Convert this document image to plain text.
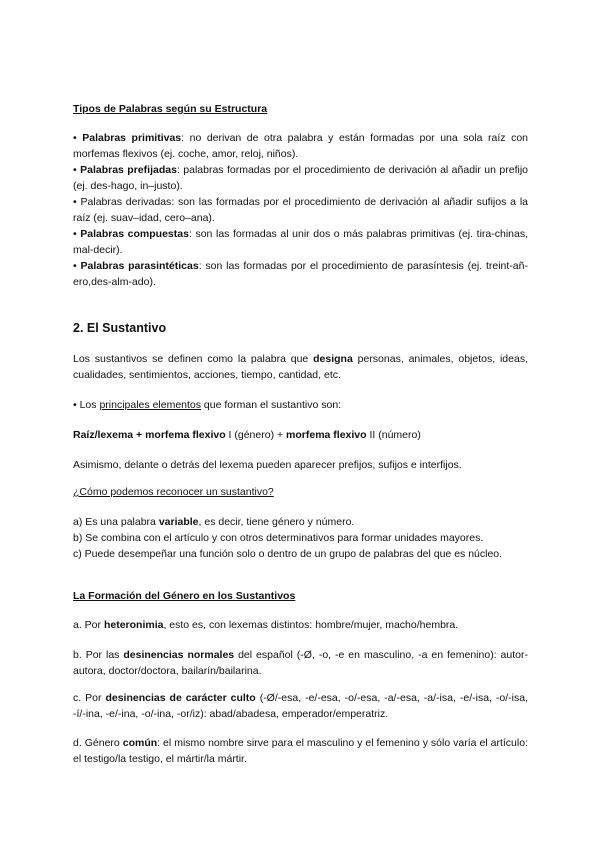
Tipos de Palabras según su Estructura

• Palabras primitivas: no derivan de otra palabra y están formadas por una sola raíz con morfemas flexivos (ej. coche, amor, reloj, niños).

• Palabras prefijadas: palabras formadas por el procedimiento de derivación al añadir un prefijo (ej. des-hago, in–justo).

• Palabras derivadas: son las formadas por el procedimiento de derivación al añadir sufijos a la raíz (ej. suav–idad, cero–ana).

• Palabras compuestas: son las formadas al unir dos o más palabras primitivas (ej. tira-chinas, mal-decir).

• Palabras parasintéticas: son las formadas por el procedimiento de parasíntesis (ej. treint-añ-ero,des-alm-ado).

2. El Sustantivo

Los sustantivos se definen como la palabra que designa personas, animales, objetos, ideas, cualidades, sentimientos, acciones, tiempo, cantidad, etc.

• Los principales elementos que forman el sustantivo son:

Raíz/lexema + morfema flexivo I (género) + morfema flexivo II (número)

Asimismo, delante o detrás del lexema pueden aparecer prefijos, sufijos e interfijos.

¿Cómo podemos reconocer un sustantivo?

a) Es una palabra variable, es decir, tiene género y número.

b) Se combina con el artículo y con otros determinativos para formar unidades mayores.

c) Puede desempeñar una función solo o dentro de un grupo de palabras del que es núcleo.

La Formación del Género en los Sustantivos

a. Por heteronimia, esto es, con lexemas distintos: hombre/mujer, macho/hembra.

b. Por las desinencias normales del español (-Ø, -o, -e en masculino, -a en femenino): autor-autora, doctor/doctora, bailarín/bailarina.

c. Por desinencias de carácter culto (-Ø/-esa, -e/-esa, -o/-esa, -a/-esa, -a/-isa, -e/-isa, -o/-isa, -í/-ina, -e/-ina, -o/-ina, -or/iz): abad/abadesa, emperador/emperatriz.

d. Género común: el mismo nombre sirve para el masculino y el femenino y sólo varía el artículo: el testigo/la testigo, el mártir/la mártir.
